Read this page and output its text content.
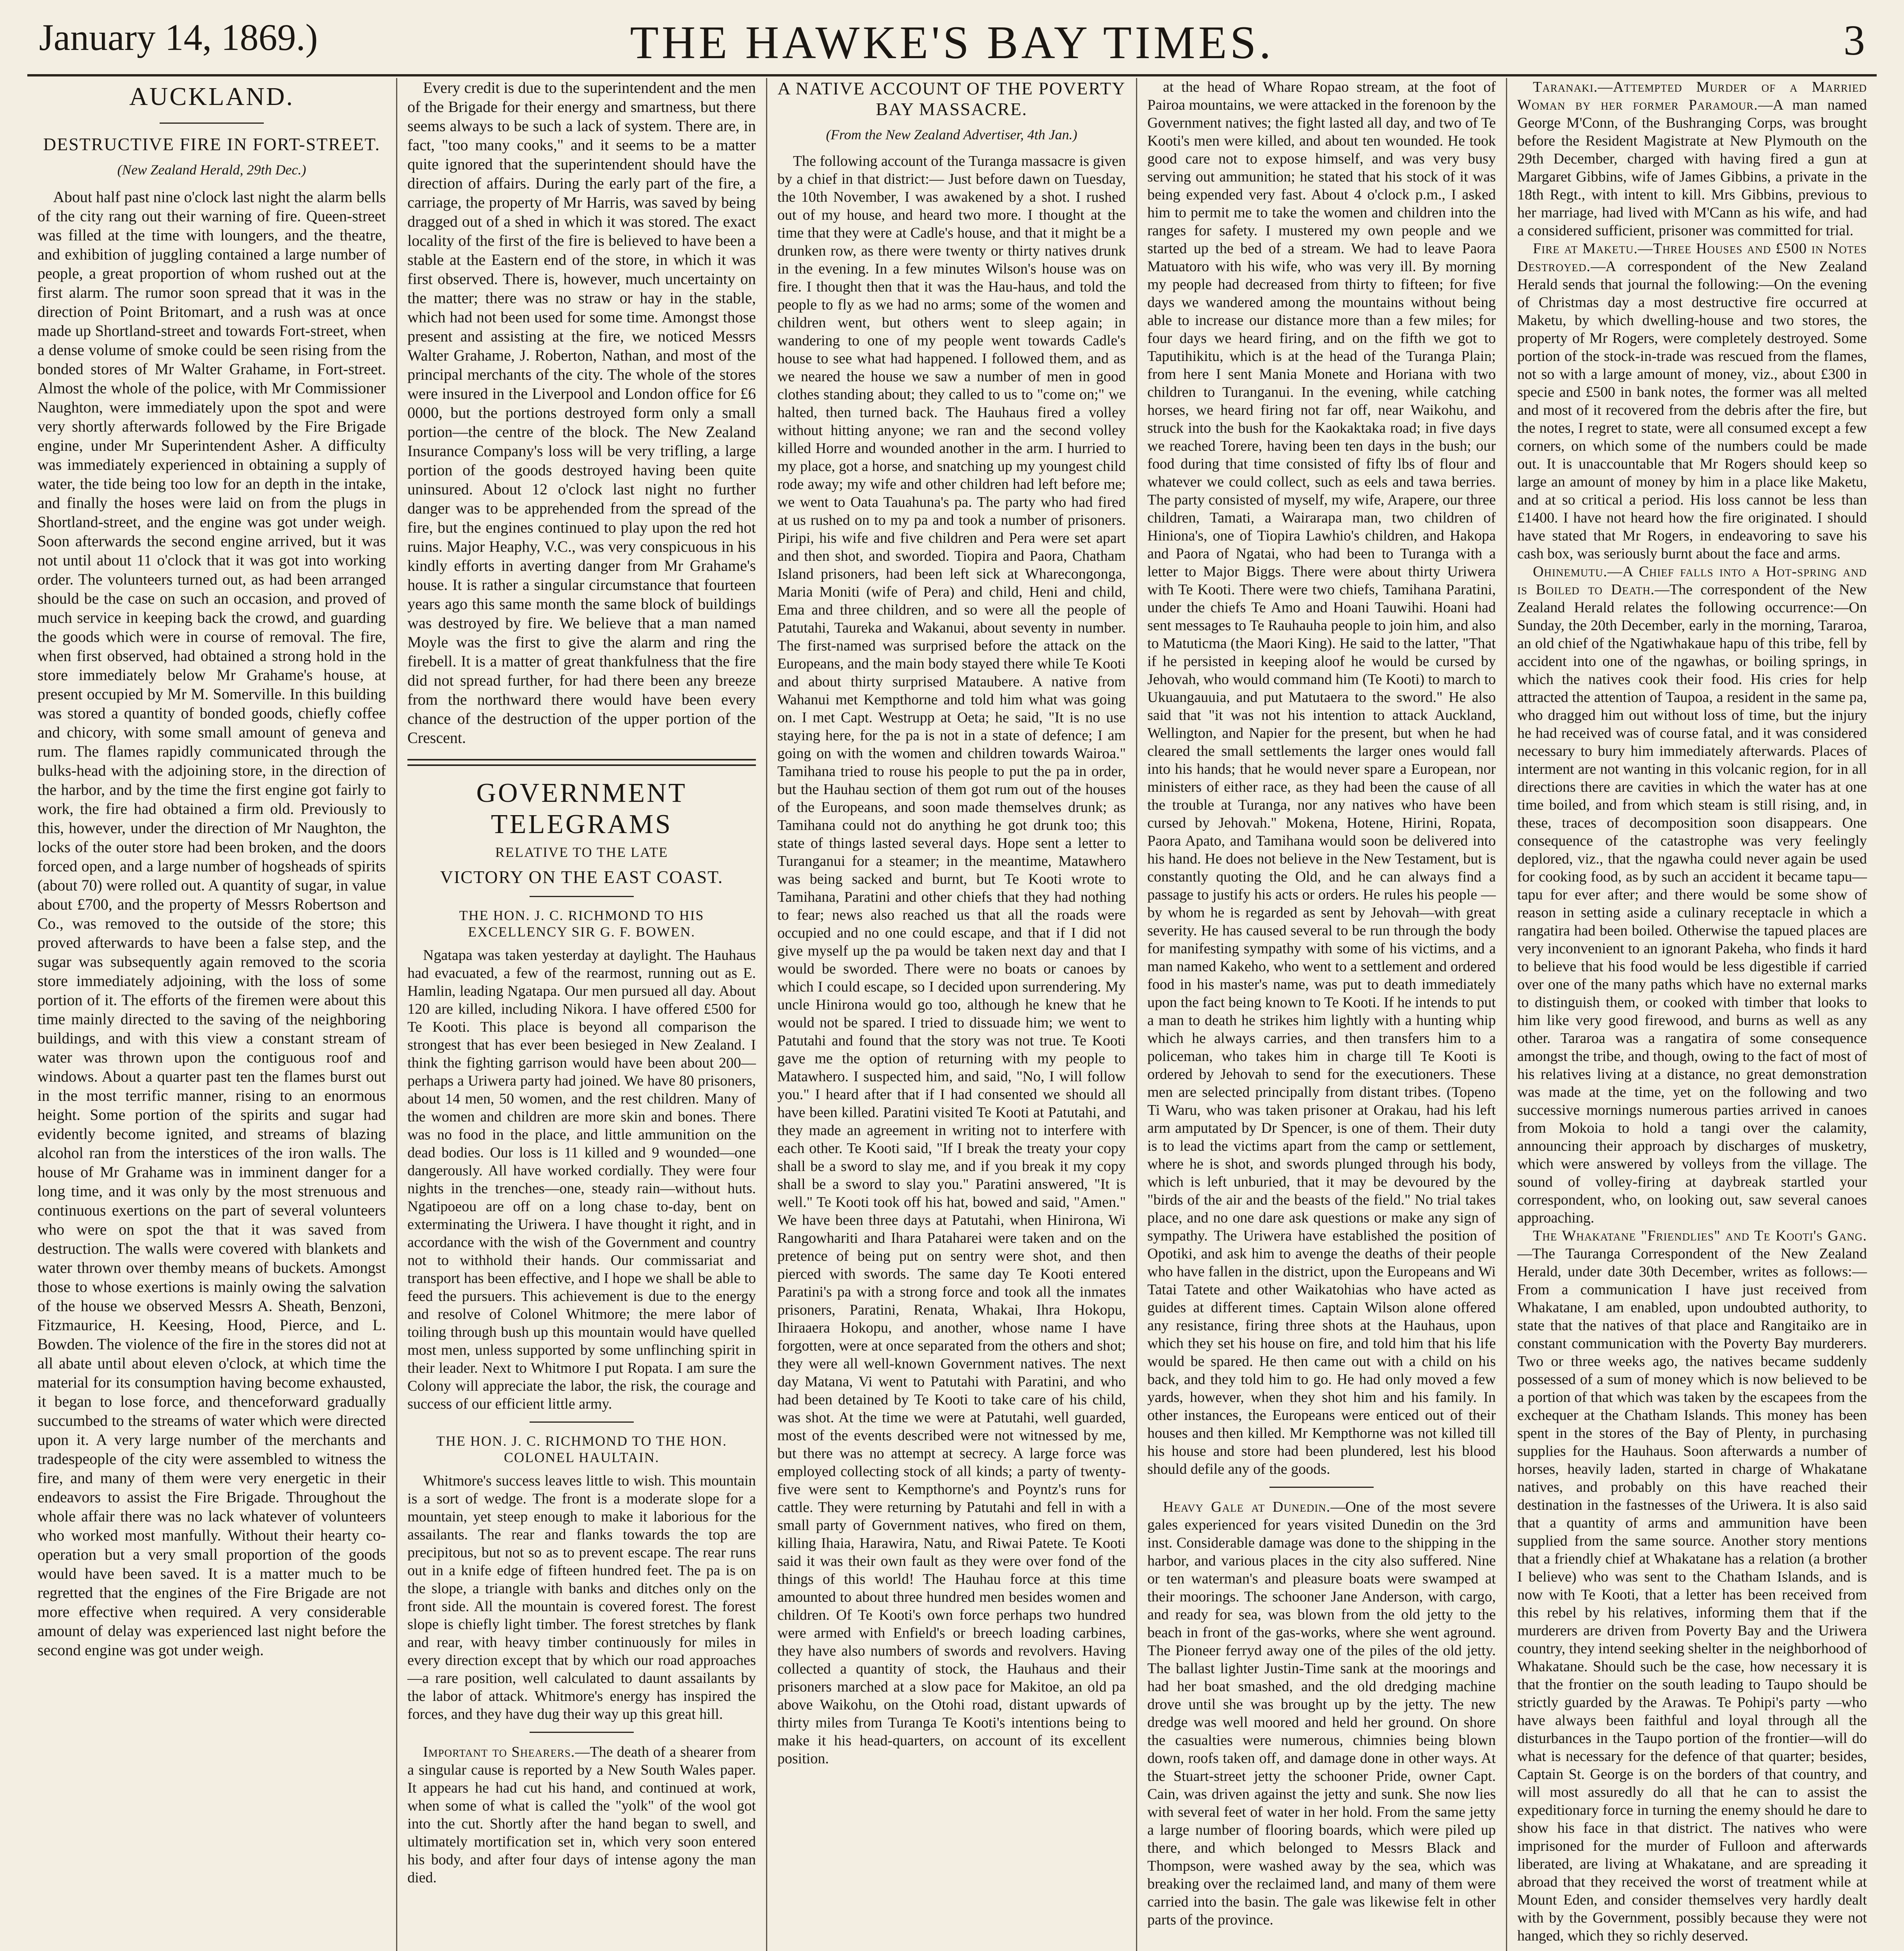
January 14, 1869.)	THE HAWKE'S BAY TIMES.	3
AUCKLAND.
DESTRUCTIVE FIRE IN FORT-STREET.
(New Zealand Herald, 29th Dec.)

About half past nine o'clock last night the alarm bells of the city rang out their warning of fire. Queen-street was filled at the time with loungers, and the theatre, and exhibition of juggling contained a large number of people, a great proportion of whom rushed out at the first alarm. The rumor soon spread that it was in the direction of Point Britomart, and a rush was at once made up Shortland-street and towards Fort-street, when a dense volume of smoke could be seen rising from the bonded stores of Mr Walter Grahame, in Fort-street. Almost the whole of the police, with Mr Commissioner Naughton, were immediately upon the spot and were very shortly afterwards followed by the Fire Brigade engine, under Mr Superintendent Asher. A difficulty was immediately experienced in obtaining a supply of water, the tide being too low for an depth in the intake, and finally the hoses were laid on from the plugs in Shortland-street, and the engine was got under weigh. Soon afterwards the second engine arrived, but it was not until about 11 o'clock that it was got into working order. The volunteers turned out, as had been arranged should be the case on such an occasion, and proved of much service in keeping back the crowd, and guarding the goods which were in course of removal. The fire, when first observed, had obtained a strong hold in the store immediately below Mr Grahame's house, at present occupied by Mr M. Somerville. In this building was stored a quantity of bonded goods, chiefly coffee and chicory, with some small amount of geneva and rum. The flames rapidly communicated through the bulks-head with the adjoining store, in the direction of the harbor, and by the time the first engine got fairly to work, the fire had obtained a firm old. Previously to this, however, under the direction of Mr Naughton, the locks of the outer store had been broken, and the doors forced open, and a large number of hogsheads of spirits (about 70) were rolled out. A quantity of sugar, in value about £700, and the property of Messrs Robertson and Co., was removed to the outside of the store; this proved afterwards to have been a false step, and the sugar was subsequently again removed to the scoria store immediately adjoining, with the loss of some portion of it. The efforts of the firemen were about this time mainly directed to the saving of the neighboring buildings, and with this view a constant stream of water was thrown upon the contiguous roof and windows. About a quarter past ten the flames burst out in the most terrific manner, rising to an enormous height. Some portion of the spirits and sugar had evidently become ignited, and streams of blazing alcohol ran from the interstices of the iron walls. The house of Mr Grahame was in imminent danger for a long time, and it was only by the most strenuous and continuous exertions on the part of several volunteers who were on spot the that it was saved from destruction. The walls were covered with blankets and water thrown over themby means of buckets. Amongst those to whose exertions is mainly owing the salvation of the house we observed Messrs A. Sheath, Benzoni, Fitzmaurice, H. Keesing, Hood, Pierce, and L. Bowden. The violence of the fire in the stores did not at all abate until about eleven o'clock, at which time the material for its consumption having become exhausted, it began to lose force, and thenceforward gradually succumbed to the streams of water which were directed upon it. A very large number of the merchants and tradespeople of the city were assembled to witness the fire, and many of them were very energetic in their endeavors to assist the Fire Brigade. Throughout the whole affair there was no lack whatever of volunteers who worked most manfully. Without their hearty co-operation but a very small proportion of the goods would have been saved. It is a matter much to be regretted that the engines of the Fire Brigade are not more effective when required. A very considerable amount of delay was experienced last night before the second engine was got under weigh.

Every credit is due to the superintendent and the men of the Brigade for their energy and smartness, but there seems always to be such a lack of system. There are, in fact, "too many cooks," and it seems to be a matter quite ignored that the superintendent should have the direction of affairs. During the early part of the fire, a carriage, the property of Mr Harris, was saved by being dragged out of a shed in which it was stored. The exact locality of the first of the fire is believed to have been a stable at the Eastern end of the store, in which it was first observed. There is, however, much uncertainty on the matter; there was no straw or hay in the stable, which had not been used for some time. Amongst those present and assisting at the fire, we noticed Messrs Walter Grahame, J. Roberton, Nathan, and most of the principal merchants of the city. The whole of the stores were insured in the Liverpool and London office for £6 0000, but the portions destroyed form only a small portion—the centre of the block. The New Zealand Insurance Company's loss will be very trifling, a large portion of the goods destroyed having been quite uninsured. About 12 o'clock last night no further danger was to be apprehended from the spread of the fire, but the engines continued to play upon the red hot ruins. Major Heaphy, V.C., was very conspicuous in his kindly efforts in averting danger from Mr Grahame's house. It is rather a singular circumstance that fourteen years ago this same month the same block of buildings was destroyed by fire. We believe that a man named Moyle was the first to give the alarm and ring the firebell. It is a matter of great thankfulness that the fire did not spread further, for had there been any breeze from the northward there would have been every chance of the destruction of the upper portion of the Crescent.

GOVERNMENT TELEGRAMS
RELATIVE TO THE LATE
VICTORY ON THE EAST COAST.
THE HON. J. C. RICHMOND TO HIS EXCELLENCY SIR G. F. BOWEN.

Ngatapa was taken yesterday at daylight. The Hauhaus had evacuated, a few of the rearmost, running out as E. Hamlin, leading Ngatapa. Our men pursued all day. About 120 are killed, including Nikora. I have offered £500 for Te Kooti. This place is beyond all comparison the strongest that has ever been besieged in New Zealand. I think the fighting garrison would have been about 200—perhaps a Uriwera party had joined. We have 80 prisoners, about 14 men, 50 women, and the rest children. Many of the women and children are more skin and bones. There was no food in the place, and little ammunition on the dead bodies. Our loss is 11 killed and 9 wounded—one dangerously. All have worked cordially. They were four nights in the trenches—one, steady rain—without huts. Ngatipoeou are off on a long chase to-day, bent on exterminating the Uriwera. I have thought it right, and in accordance with the wish of the Government and country not to withhold their hands. Our commissariat and transport has been effective, and I hope we shall be able to feed the pursuers. This achievement is due to the energy and resolve of Colonel Whitmore; the mere labor of toiling through bush up this mountain would have quelled most men, unless supported by some unflinching spirit in their leader. Next to Whitmore I put Ropata. I am sure the Colony will appreciate the labor, the risk, the courage and success of our efficient little army.

THE HON. J. C. RICHMOND TO THE HON. COLONEL HAULTAIN.

Whitmore's success leaves little to wish. This mountain is a sort of wedge. The front is a moderate slope for a mountain, yet steep enough to make it laborious for the assailants. The rear and flanks towards the top are precipitous, but not so as to prevent escape. The rear runs out in a knife edge of fifteen hundred feet. The pa is on the slope, a triangle with banks and ditches only on the front side. All the mountain is covered forest. The forest slope is chiefly light timber. The forest stretches by flank and rear, with heavy timber continuously for miles in every direction except that by which our road approaches—a rare position, well calculated to daunt assailants by the labor of attack. Whitmore's energy has inspired the forces, and they have dug their way up this great hill.

Important to Shearers.—The death of a shearer from a singular cause is reported by a New South Wales paper. It appears he had cut his hand, and continued at work, when some of what is called the "yolk" of the wool got into the cut. Shortly after the hand began to swell, and ultimately mortification set in, which very soon entered his body, and after four days of intense agony the man died.

A NATIVE ACCOUNT OF THE POVERTY BAY MASSACRE.
(From the New Zealand Advertiser, 4th Jan.)

The following account of the Turanga massacre is given by a chief in that district:— Just before dawn on Tuesday, the 10th November, I was awakened by a shot. I rushed out of my house, and heard two more. I thought at the time that they were at Cadle's house, and that it might be a drunken row, as there were twenty or thirty natives drunk in the evening. In a few minutes Wilson's house was on fire. I thought then that it was the Hau-haus, and told the people to fly as we had no arms; some of the women and children went, but others went to sleep again; in wandering to one of my people went towards Cadle's house to see what had happened. I followed them, and as we neared the house we saw a number of men in good clothes standing about; they called to us to "come on;" we halted, then turned back. The Hauhaus fired a volley without hitting anyone; we ran and the second volley killed Horre and wounded another in the arm. I hurried to my place, got a horse, and snatching up my youngest child rode away; my wife and other children had left before me; we went to Oata Tauahuna's pa. The party who had fired at us rushed on to my pa and took a number of prisoners. Piripi, his wife and five children and Pera were set apart and then shot, and sworded. Tiopira and Paora, Chatham Island prisoners, had been left sick at Wharecongonga, Maria Moniti (wife of Pera) and child, Heni and child, Ema and three children, and so were all the people of Patutahi, Taureka and Wakanui, about seventy in number. The first-named was surprised before the attack on the Europeans, and the main body stayed there while Te Kooti and about thirty surprised Mataubere. A native from Wahanui met Kempthorne and told him what was going on. I met Capt. Westrupp at Oeta; he said, "It is no use staying here, for the pa is not in a state of defence; I am going on with the women and children towards Wairoa." Tamihana tried to rouse his people to put the pa in order, but the Hauhau section of them got rum out of the houses of the Europeans, and soon made themselves drunk; as Tamihana could not do anything he got drunk too; this state of things lasted several days. Hope sent a letter to Turanganui for a steamer; in the meantime, Matawhero was being sacked and burnt, but Te Kooti wrote to Tamihana, Paratini and other chiefs that they had nothing to fear; news also reached us that all the roads were occupied and no one could escape, and that if I did not give myself up the pa would be taken next day and that I would be sworded. There were no boats or canoes by which I could escape, so I decided upon surrendering. My uncle Hinirona would go too, although he knew that he would not be spared. I tried to dissuade him; we went to Patutahi and found that the story was not true. Te Kooti gave me the option of returning with my people to Matawhero. I suspected him, and said, "No, I will follow you." I heard after that if I had consented we should all have been killed. Paratini visited Te Kooti at Patutahi, and they made an agreement in writing not to interfere with each other. Te Kooti said, "If I break the treaty your copy shall be a sword to slay me, and if you break it my copy shall be a sword to slay you." Paratini answered, "It is well." Te Kooti took off his hat, bowed and said, "Amen." We have been three days at Patutahi, when Hinirona, Wi Rangowhariti and Ihara Pataharei were taken and on the pretence of being put on sentry were shot, and then pierced with swords. The same day Te Kooti entered Paratini's pa with a strong force and took all the inmates prisoners, Paratini, Renata, Whakai, Ihra Hokopu, Ihiraaera Hokopu, and another, whose name I have forgotten, were at once separated from the others and shot; they were all well-known Government natives. The next day Matana, Vi went to Patutahi with Paratini, and who had been detained by Te Kooti to take care of his child, was shot. At the time we were at Patutahi, well guarded, most of the events described were not witnessed by me, but there was no attempt at secrecy. A large force was employed collecting stock of all kinds; a party of twenty-five were sent to Kempthorne's and Poyntz's runs for cattle. They were returning by Patutahi and fell in with a small party of Government natives, who fired on them, killing Ihaia, Harawira, Natu, and Riwai Patete. Te Kooti said it was their own fault as they were over fond of the things of this world! The Hauhau force at this time amounted to about three hundred men besides women and children. Of Te Kooti's own force perhaps two hundred were armed with Enfield's or breech loading carbines, they have also numbers of swords and revolvers. Having collected a quantity of stock, the Hauhaus and their prisoners marched at a slow pace for Makitoe, an old pa above Waikohu, on the Otohi road, distant upwards of thirty miles from Turanga Te Kooti's intentions being to make it his head-quarters, on account of its excellent position.

at the head of Whare Ropao stream, at the foot of Pairoa mountains, we were attacked in the forenoon by the Government natives; the fight lasted all day, and two of Te Kooti's men were killed, and about ten wounded. He took good care not to expose himself, and was very busy serving out ammunition; he stated that his stock of it was being expended very fast. About 4 o'clock p.m., I asked him to permit me to take the women and children into the ranges for safety. I mustered my own people and we started up the bed of a stream. We had to leave Paora Matuatoro with his wife, who was very ill. By morning my people had decreased from thirty to fifteen; for five days we wandered among the mountains without being able to increase our distance more than a few miles; for four days we heard firing, and on the fifth we got to Taputihikitu, which is at the head of the Turanga Plain; from here I sent Mania Monete and Horiana with two children to Turanganui. In the evening, while catching horses, we heard firing not far off, near Waikohu, and struck into the bush for the Kaokaktaka road; in five days we reached Torere, having been ten days in the bush; our food during that time consisted of fifty lbs of flour and whatever we could collect, such as eels and tawa berries. The party consisted of myself, my wife, Arapere, our three children, Tamati, a Wairarapa man, two children of Hiniona's, one of Tiopira Lawhio's children, and Hakopa and Paora of Ngatai, who had been to Turanga with a letter to Major Biggs. There were about thirty Uriwera with Te Kooti. There were two chiefs, Tamihana Paratini, under the chiefs Te Amo and Hoani Tauwihi. Hoani had sent messages to Te Rauhauha people to join him, and also to Matuticma (the Maori King). He said to the latter, "That if he persisted in keeping aloof he would be cursed by Jehovah, who would command him (Te Kooti) to march to Ukuangauuia, and put Matutaera to the sword." He also said that "it was not his intention to attack Auckland, Wellington, and Napier for the present, but when he had cleared the small settlements the larger ones would fall into his hands; that he would never spare a European, nor ministers of either race, as they had been the cause of all the trouble at Turanga, nor any natives who have been cursed by Jehovah." Mokena, Hotene, Hirini, Ropata, Paora Apato, and Tamihana would soon be delivered into his hand. He does not believe in the New Testament, but is constantly quoting the Old, and he can always find a passage to justify his acts or orders. He rules his people —by whom he is regarded as sent by Jehovah—with great severity. He has caused several to be run through the body for manifesting sympathy with some of his victims, and a man named Kakeho, who went to a settlement and ordered food in his master's name, was put to death immediately upon the fact being known to Te Kooti. If he intends to put a man to death he strikes him lightly with a hunting whip which he always carries, and then transfers him to a policeman, who takes him in charge till Te Kooti is ordered by Jehovah to send for the executioners. These men are selected principally from distant tribes. (Topeno Ti Waru, who was taken prisoner at Orakau, had his left arm amputated by Dr Spencer, is one of them. Their duty is to lead the victims apart from the camp or settlement, where he is shot, and swords plunged through his body, which is left unburied, that it may be devoured by the "birds of the air and the beasts of the field." No trial takes place, and no one dare ask questions or make any sign of sympathy. The Uriwera have established the position of Opotiki, and ask him to avenge the deaths of their people who have fallen in the district, upon the Europeans and Wi Tatai Tatete and other Waikatohias who have acted as guides at different times. Captain Wilson alone offered any resistance, firing three shots at the Hauhaus, upon which they set his house on fire, and told him that his life would be spared. He then came out with a child on his back, and they told him to go. He had only moved a few yards, however, when they shot him and his family. In other instances, the Europeans were enticed out of their houses and then killed. Mr Kempthorne was not killed till his house and store had been plundered, lest his blood should defile any of the goods.

Heavy Gale at Dunedin.—One of the most severe gales experienced for years visited Dunedin on the 3rd inst. Considerable damage was done to the shipping in the harbor, and various places in the city also suffered. Nine or ten waterman's and pleasure boats were swamped at their moorings. The schooner Jane Anderson, with cargo, and ready for sea, was blown from the old jetty to the beach in front of the gas-works, where she went aground. The Pioneer ferryd away one of the piles of the old jetty. The ballast lighter Justin-Time sank at the moorings and had her boat smashed, and the old dredging machine drove until she was brought up by the jetty. The new dredge was well moored and held her ground. On shore the casualties were numerous, chimnies being blown down, roofs taken off, and damage done in other ways. At the Stuart-street jetty the schooner Pride, owner Capt. Cain, was driven against the jetty and sunk. She now lies with several feet of water in her hold. From the same jetty a large number of flooring boards, which were piled up there, and which belonged to Messrs Black and Thompson, were washed away by the sea, which was breaking over the reclaimed land, and many of them were carried into the basin. The gale was likewise felt in other parts of the province.

Taranaki.—Attempted Murder of a Married Woman by her former Paramour.—A man named George M'Conn, of the Bushranging Corps, was brought before the Resident Magistrate at New Plymouth on the 29th December, charged with having fired a gun at Margaret Gibbins, wife of James Gibbins, a private in the 18th Regt., with intent to kill. Mrs Gibbins, previous to her marriage, had lived with M'Cann as his wife, and had a considered sufficient, prisoner was committed for trial.

Fire at Maketu.—Three Houses and £500 in Notes Destroyed.—A correspondent of the New Zealand Herald sends that journal the following:—On the evening of Christmas day a most destructive fire occurred at Maketu, by which dwelling-house and two stores, the property of Mr Rogers, were completely destroyed. Some portion of the stock-in-trade was rescued from the flames, not so with a large amount of money, viz., about £300 in specie and £500 in bank notes, the former was all melted and most of it recovered from the debris after the fire, but the notes, I regret to state, were all consumed except a few corners, on which some of the numbers could be made out. It is unaccountable that Mr Rogers should keep so large an amount of money by him in a place like Maketu, and at so critical a period. His loss cannot be less than £1400. I have not heard how the fire originated. I should have stated that Mr Rogers, in endeavoring to save his cash box, was seriously burnt about the face and arms.

Ohinemutu.—A Chief falls into a Hot-spring and is Boiled to Death.—The correspondent of the New Zealand Herald relates the following occurrence:—On Sunday, the 20th December, early in the morning, Tararoa, an old chief of the Ngatiwhakaue hapu of this tribe, fell by accident into one of the ngawhas, or boiling springs, in which the natives cook their food. His cries for help attracted the attention of Taupoa, a resident in the same pa, who dragged him out without loss of time, but the injury he had received was of course fatal, and it was considered necessary to bury him immediately afterwards. Places of interment are not wanting in this volcanic region, for in all directions there are cavities in which the water has at one time boiled, and from which steam is still rising, and, in these, traces of decomposition soon disappears. One consequence of the catastrophe was very feelingly deplored, viz., that the ngawha could never again be used for cooking food, as by such an accident it became tapu—tapu for ever after; and there would be some show of reason in setting aside a culinary receptacle in which a rangatira had been boiled. Otherwise the tapued places are very inconvenient to an ignorant Pakeha, who finds it hard to believe that his food would be less digestible if carried over one of the many paths which have no external marks to distinguish them, or cooked with timber that looks to him like very good firewood, and burns as well as any other. Tararoa was a rangatira of some consequence amongst the tribe, and though, owing to the fact of most of his relatives living at a distance, no great demonstration was made at the time, yet on the following and two successive mornings numerous parties arrived in canoes from Mokoia to hold a tangi over the calamity, announcing their approach by discharges of musketry, which were answered by volleys from the village. The sound of volley-firing at daybreak startled your correspondent, who, on looking out, saw several canoes approaching.

The Whakatane "Friendlies" and Te Kooti's Gang.—The Tauranga Correspondent of the New Zealand Herald, under date 30th December, writes as follows:—From a communication I have just received from Whakatane, I am enabled, upon undoubted authority, to state that the natives of that place and Rangitaiko are in constant communication with the Poverty Bay murderers. Two or three weeks ago, the natives became suddenly possessed of a sum of money which is now believed to be a portion of that which was taken by the escapees from the exchequer at the Chatham Islands. This money has been spent in the stores of the Bay of Plenty, in purchasing supplies for the Hauhaus. Soon afterwards a number of horses, heavily laden, started in charge of Whakatane natives, and probably on this have reached their destination in the fastnesses of the Uriwera. It is also said that a quantity of arms and ammunition have been supplied from the same source. Another story mentions that a friendly chief at Whakatane has a relation (a brother I believe) who was sent to the Chatham Islands, and is now with Te Kooti, that a letter has been received from this rebel by his relatives, informing them that if the murderers are driven from Poverty Bay and the Uriwera country, they intend seeking shelter in the neighborhood of Whakatane. Should such be the case, how necessary it is that the frontier on the south leading to Taupo should be strictly guarded by the Arawas. Te Pohipi's party —who have always been faithful and loyal through all the disturbances in the Taupo portion of the frontier—will do what is necessary for the defence of that quarter; besides, Captain St. George is on the borders of that country, and will most assuredly do all that he can to assist the expeditionary force in turning the enemy should he dare to show his face in that district. The natives who were imprisoned for the murder of Fulloon and afterwards liberated, are living at Whakatane, and are spreading it abroad that they received the worst of treatment while at Mount Eden, and consider themselves very hardly dealt with by the Government, possibly because they were not hanged, which they so richly deserved.
